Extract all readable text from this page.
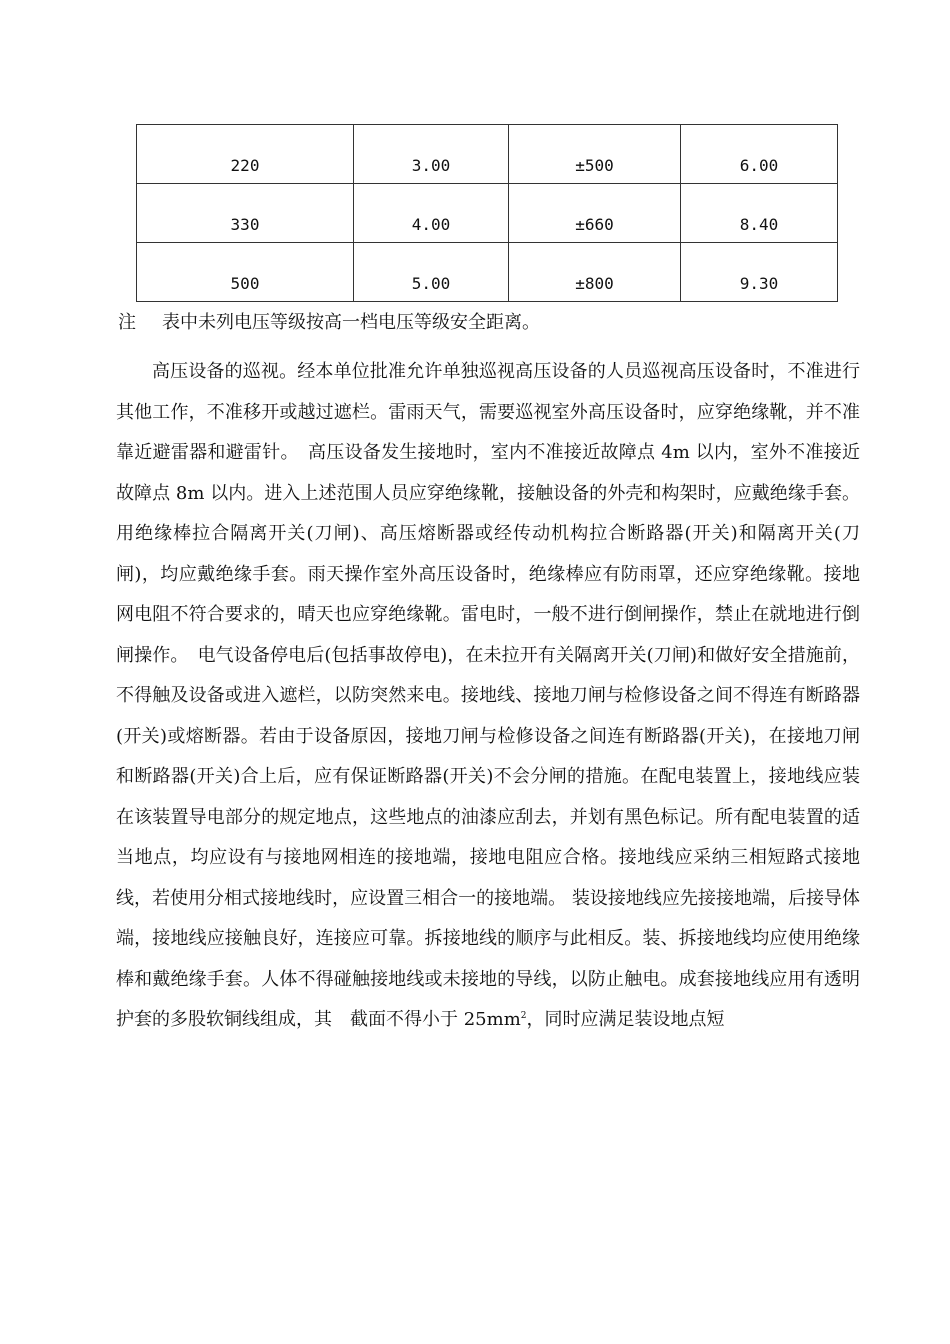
220	3.00	±500	6.00
330	4.00	±660	8.40
500	5.00	±800	9.30
注 表中未列电压等级按高一档电压等级安全距离。

高压设备的巡视。经本单位批准允许单独巡视高压设备的人员巡视高压设备时，不准进行其他工作，不准移开或越过遮栏。雷雨天气，需要巡视室外高压设备时，应穿绝缘靴，并不准靠近避雷器和避雷针。　高压设备发生接地时，室内不准接近故障点 4m 以内，室外不准接近故障点 8m 以内。进入上述范围人员应穿绝缘靴，接触设备的外壳和构架时，应戴绝缘手套。用绝缘棒拉合隔离开关(刀闸)、高压熔断器或经传动机构拉合断路器(开关)和隔离开关(刀闸)，均应戴绝缘手套。雨天操作室外高压设备时，绝缘棒应有防雨罩，还应穿绝缘靴。接地网电阻不符合要求的，晴天也应穿绝缘靴。雷电时，一般不进行倒闸操作，禁止在就地进行倒闸操作。　电气设备停电后(包括事故停电)，在未拉开有关隔离开关(刀闸)和做好安全措施前，不得触及设备或进入遮栏，以防突然来电。接地线、接地刀闸与检修设备之间不得连有断路器(开关)或熔断器。若由于设备原因，接地刀闸与检修设备之间连有断路器(开关)，在接地刀闸和断路器(开关)合上后，应有保证断路器(开关)不会分闸的措施。在配电装置上，接地线应装在该装置导电部分的规定地点，这些地点的油漆应刮去，并划有黑色标记。所有配电装置的适当地点，均应设有与接地网相连的接地端，接地电阻应合格。接地线应采纳三相短路式接地线，若使用分相式接地线时，应设置三相合一的接地端。 装设接地线应先接接地端，后接导体端，接地线应接触良好，连接应可靠。拆接地线的顺序与此相反。装、拆接地线均应使用绝缘棒和戴绝缘手套。人体不得碰触接地线或未接地的导线，以防止触电。成套接地线应用有透明护套的多股软铜线组成，其　截面不得小于 $25mm^2$，同时应满足装设地点短
